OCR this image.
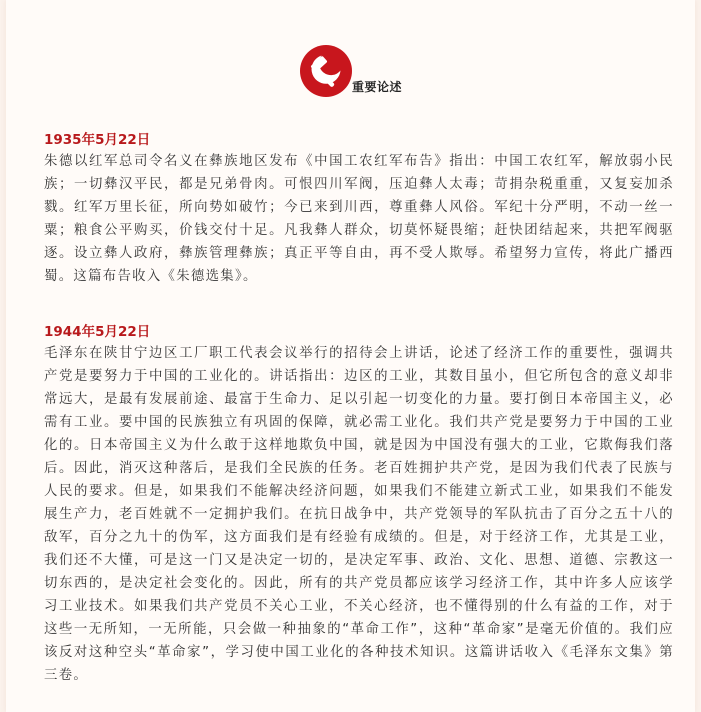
重要论述
1935年5月22日

朱德以红军总司令名义在彝族地区发布《中国工农红军布告》指出：中国工农红军，解放弱小民族；一切彝汉平民，都是兄弟骨肉。可恨四川军阀，压迫彝人太毒；苛捐杂税重重，又复妄加杀戮。红军万里长征，所向势如破竹；今已来到川西，尊重彝人风俗。军纪十分严明，不动一丝一粟；粮食公平购买，价钱交付十足。凡我彝人群众，切莫怀疑畏缩；赶快团结起来，共把军阀驱逐。设立彝人政府，彝族管理彝族；真正平等自由，再不受人欺辱。希望努力宣传，将此广播西蜀。这篇布告收入《朱德选集》。

1944年5月22日

毛泽东在陕甘宁边区工厂职工代表会议举行的招待会上讲话，论述了经济工作的重要性，强调共产党是要努力于中国的工业化的。讲话指出：边区的工业，其数目虽小，但它所包含的意义却非常远大，是最有发展前途、最富于生命力、足以引起一切变化的力量。要打倒日本帝国主义，必需有工业。要中国的民族独立有巩固的保障，就必需工业化。我们共产党是要努力于中国的工业化的。日本帝国主义为什么敢于这样地欺负中国，就是因为中国没有强大的工业，它欺侮我们落后。因此，消灭这种落后，是我们全民族的任务。老百姓拥护共产党，是因为我们代表了民族与人民的要求。但是，如果我们不能解决经济问题，如果我们不能建立新式工业，如果我们不能发展生产力，老百姓就不一定拥护我们。在抗日战争中，共产党领导的军队抗击了百分之五十八的敌军，百分之九十的伪军，这方面我们是有经验有成绩的。但是，对于经济工作，尤其是工业，我们还不大懂，可是这一门又是决定一切的，是决定军事、政治、文化、思想、道德、宗教这一切东西的，是决定社会变化的。因此，所有的共产党员都应该学习经济工作，其中许多人应该学习工业技术。如果我们共产党员不关心工业，不关心经济，也不懂得别的什么有益的工作，对于这些一无所知，一无所能，只会做一种抽象的“革命工作”，这种“革命家”是毫无价值的。我们应该反对这种空头“革命家”，学习使中国工业化的各种技术知识。这篇讲话收入《毛泽东文集》第三卷。
